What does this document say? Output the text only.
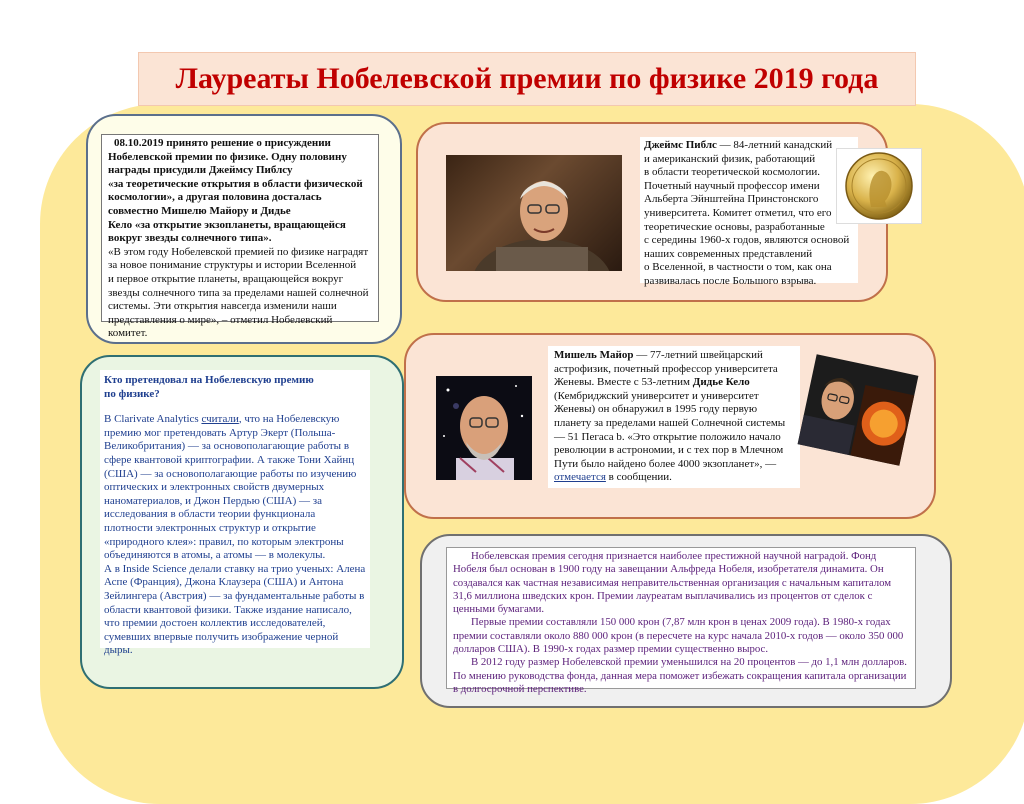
Лауреаты Нобелевской премии по физике 2019 года
08.10.2019 принято решение о присуждении
Нобелевской премии по физике. Одну половину
награды присудили Джеймсу Пиблсу
«за теоретические открытия в области физической
космологии», а другая половина досталась
совместно Мишелю Майору и Дидье
Кело «за открытие экзопланеты, вращающейся
вокруг звезды солнечного типа».
«В этом году Нобелевской премией по физике наградят
за новое понимание структуры и истории Вселенной
и первое открытие планеты, вращающейся вокруг
звезды солнечного типа за пределами нашей солнечной
системы. Эти открытия навсегда изменили наши
представления о мире», – отметил Нобелевский комитет.
Джеймс Пиблс — 84-летний канадский
и американский физик, работающий
в области теоретической космологии.
Почетный научный профессор имени
Альберта Эйнштейна Принстонского
университета. Комитет отметил, что его
теоретические основы, разработанные
с середины 1960-х годов, являются основой
наших современных представлений
о Вселенной, в частности о том, как она
развивалась после Большого взрыва.
Кто претендовал на Нобелевскую премию
по физике?

В Clarivate Analytics считали, что на Нобелевскую премию мог претендовать Артур Экерт (Польша-Великобритания) — за основополагающие работы в сфере квантовой криптографии. А также Тони Хайнц (США) — за основополагающие работы по изучению оптических и электронных свойств двумерных наноматериалов, и Джон Пердью (США) — за исследования в области теории функционала плотности электронных структур и открытие «природного клея»: правил, по которым электроны объединяются в атомы, а атомы — в молекулы.

А в Inside Science делали ставку на трио ученых: Алена Аспе (Франция), Джона Клаузера (США) и Антона Зейлингера (Австрия) — за фундаментальные работы в области квантовой физики. Также издание написало, что премии достоен коллектив исследователей, сумевших впервые получить изображение черной дыры.

Мишель Майор — 77-летний швейцарский астрофизик, почетный профессор университета Женевы. Вместе с 53-летним Дидье Кело (Кембриджский университет и университет Женевы) он обнаружил в 1995 году первую планету за пределами нашей Солнечной системы — 51 Пегаса b. «Это открытие положило начало революции в астрономии, и с тех пор в Млечном Пути было найдено более 4000 экзопланет», — отмечается в сообщении.

Нобелевская премия сегодня признается наиболее престижной научной наградой. Фонд Нобеля был основан в 1900 году на завещании Альфреда Нобеля, изобретателя динамита. Он создавался как частная независимая неправительственная организация с начальным капиталом 31,6 миллиона шведских крон. Премии лауреатам выплачивались из процентов от сделок с ценными бумагами.

Первые премии составляли 150 000 крон (7,87 млн крон в ценах 2009 года). В 1980-х годах премии составляли около 880 000 крон (в пересчете на курс начала 2010-х годов — около 350 000 долларов США). В 1990-х годах размер премии существенно вырос.

В 2012 году размер Нобелевской премии уменьшился на 20 процентов — до 1,1 млн долларов. По мнению руководства фонда, данная мера поможет избежать сокращения капитала организации в долгосрочной перспективе.
